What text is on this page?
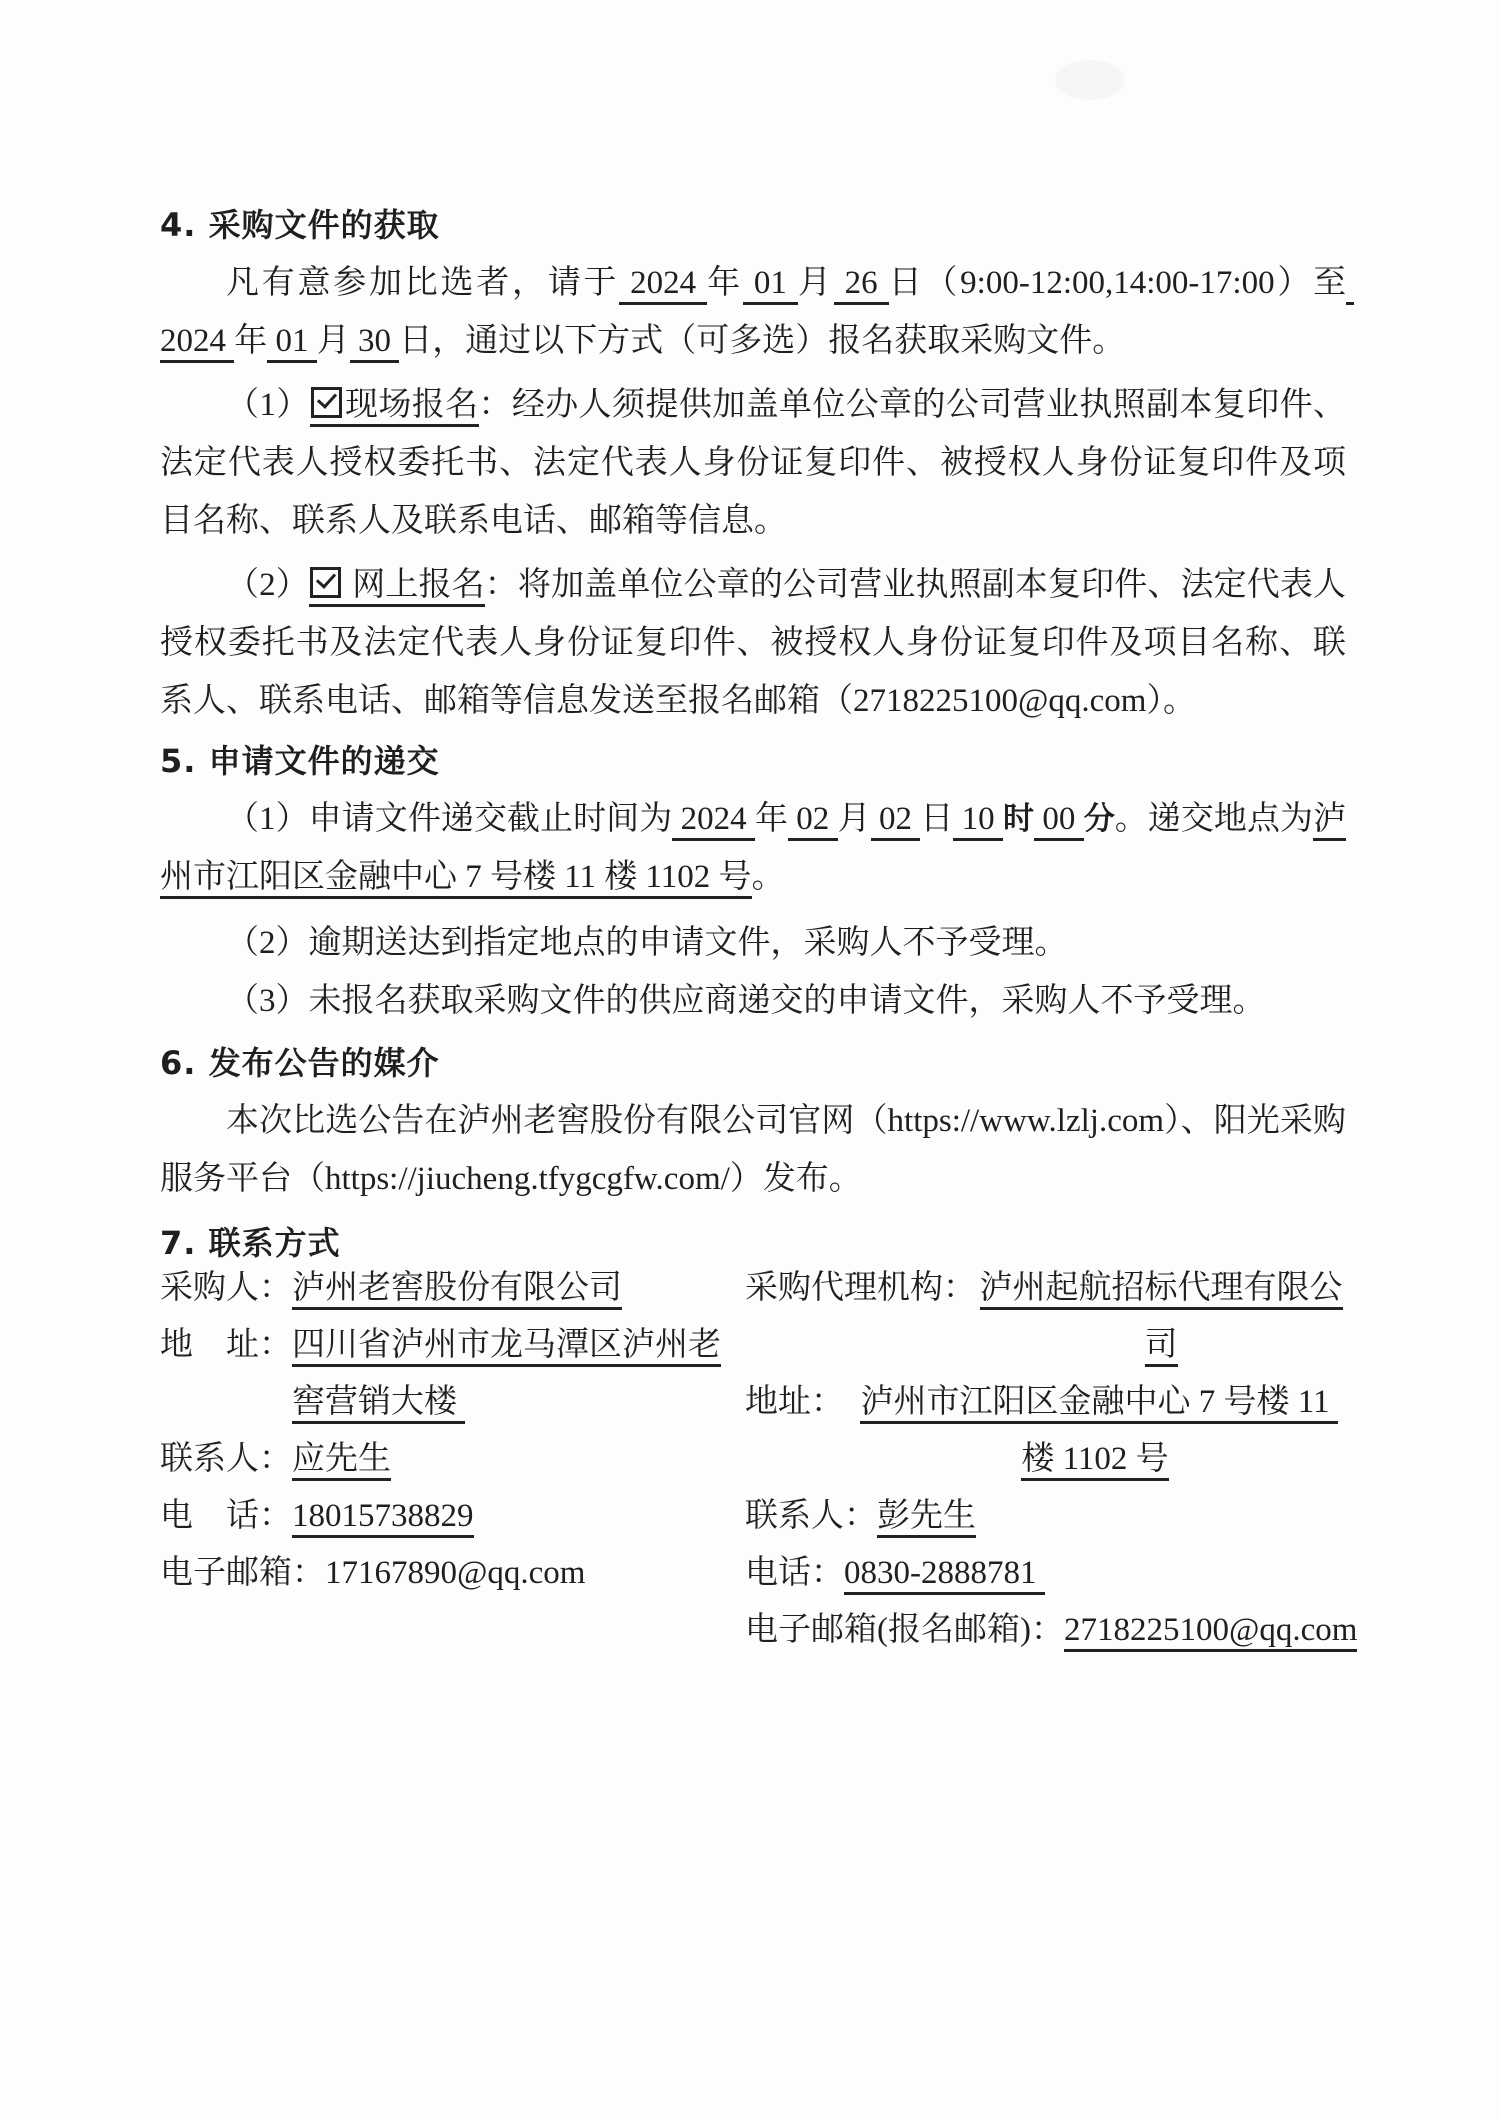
4. 采购文件的获取

凡有意参加比选者，请于 2024 年 01 月 26 日（9:00-12:00,14:00-17:00）至 2024 年 01 月 30 日，通过以下方式（可多选）报名获取采购文件。

（1） 现场报名：经办人须提供加盖单位公章的公司营业执照副本复印件、法定代表人授权委托书、法定代表人身份证复印件、被授权人身份证复印件及项目名称、联系人及联系电话、邮箱等信息。

（2） 网上报名：将加盖单位公章的公司营业执照副本复印件、法定代表人授权委托书及法定代表人身份证复印件、被授权人身份证复印件及项目名称、联系人、联系电话、邮箱等信息发送至报名邮箱（2718225100@qq.com）。

5. 申请文件的递交

（1）申请文件递交截止时间为 2024 年 02 月 02 日 10 时 00 分。递交地点为泸州市江阳区金融中心 7 号楼 11 楼 1102 号。

（2）逾期送达到指定地点的申请文件，采购人不予受理。

（3）未报名获取采购文件的供应商递交的申请文件，采购人不予受理。

6. 发布公告的媒介

本次比选公告在泸州老窖股份有限公司官网（https://www.lzlj.com）、阳光采购服务平台（https://jiucheng.tfygcgfw.com/）发布。

7. 联系方式
采购人： 泸州老窖股份有限公司
地　址： 四川省泸州市龙马潭区泸州老窖营销大楼
联系人： 应先生
电　话： 18015738829
电子邮箱： 17167890@qq.com
采购代理机构： 泸州起航招标代理有限公司
地址： 泸州市江阳区金融中心 7 号楼 11 楼 1102 号
联系人： 彭先生
电话： 0830-2888781
电子邮箱(报名邮箱)： 2718225100@qq.com
